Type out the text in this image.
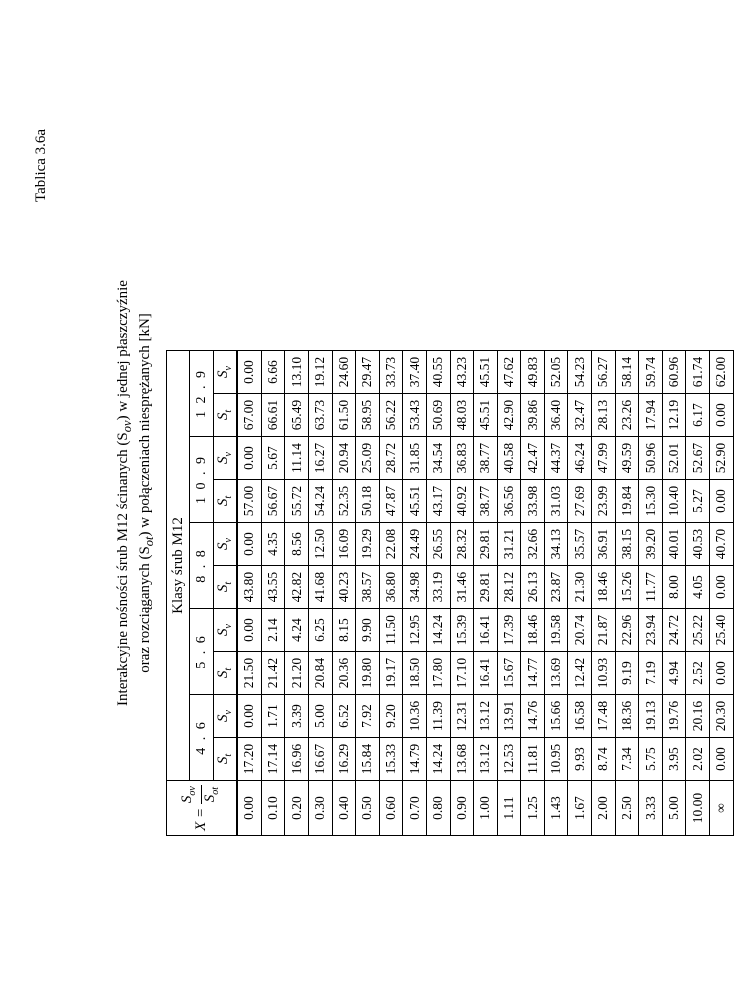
Tablica 3.6a
Interakcyjne nośności śrub M12 ścinanych $(S_{ov})$ w jednej płaszczyźnie
oraz rozciąganych $(S_{ot})$ w połączeniach niesprężanych [kN]
X =
$S_{ov}$
$S_{ot}$	Klasy śrub M12									
	4 . 6		5 . 6		8 . 8		1 0 . 9		1 2 . 9	
	$S_t$	$S_v$	$S_t$	$S_v$	$S_t$	$S_v$	$S_t$	$S_v$	$S_t$	$S_v$
0.00	17.20	0.00	21.50	0.00	43.80	0.00	57.00	0.00	67.00	0.00
0.10	17.14	1.71	21.42	2.14	43.55	4.35	56.67	5.67	66.61	6.66
0.20	16.96	3.39	21.20	4.24	42.82	8.56	55.72	11.14	65.49	13.10
0.30	16.67	5.00	20.84	6.25	41.68	12.50	54.24	16.27	63.73	19.12
0.40	16.29	6.52	20.36	8.15	40.23	16.09	52.35	20.94	61.50	24.60
0.50	15.84	7.92	19.80	9.90	38.57	19.29	50.18	25.09	58.95	29.47
0.60	15.33	9.20	19.17	11.50	36.80	22.08	47.87	28.72	56.22	33.73
0.70	14.79	10.36	18.50	12.95	34.98	24.49	45.51	31.85	53.43	37.40
0.80	14.24	11.39	17.80	14.24	33.19	26.55	43.17	34.54	50.69	40.55
0.90	13.68	12.31	17.10	15.39	31.46	28.32	40.92	36.83	48.03	43.23
1.00	13.12	13.12	16.41	16.41	29.81	29.81	38.77	38.77	45.51	45.51
1.11	12.53	13.91	15.67	17.39	28.12	31.21	36.56	40.58	42.90	47.62
1.25	11.81	14.76	14.77	18.46	26.13	32.66	33.98	42.47	39.86	49.83
1.43	10.95	15.66	13.69	19.58	23.87	34.13	31.03	44.37	36.40	52.05
1.67	9.93	16.58	12.42	20.74	21.30	35.57	27.69	46.24	32.47	54.23
2.00	8.74	17.48	10.93	21.87	18.46	36.91	23.99	47.99	28.13	56.27
2.50	7.34	18.36	9.19	22.96	15.26	38.15	19.84	49.59	23.26	58.14
3.33	5.75	19.13	7.19	23.94	11.77	39.20	15.30	50.96	17.94	59.74
5.00	3.95	19.76	4.94	24.72	8.00	40.01	10.40	52.01	12.19	60.96
10.00	2.02	20.16	2.52	25.22	4.05	40.53	5.27	52.67	6.17	61.74
∞	0.00	20.30	0.00	25.40	0.00	40.70	0.00	52.90	0.00	62.00
